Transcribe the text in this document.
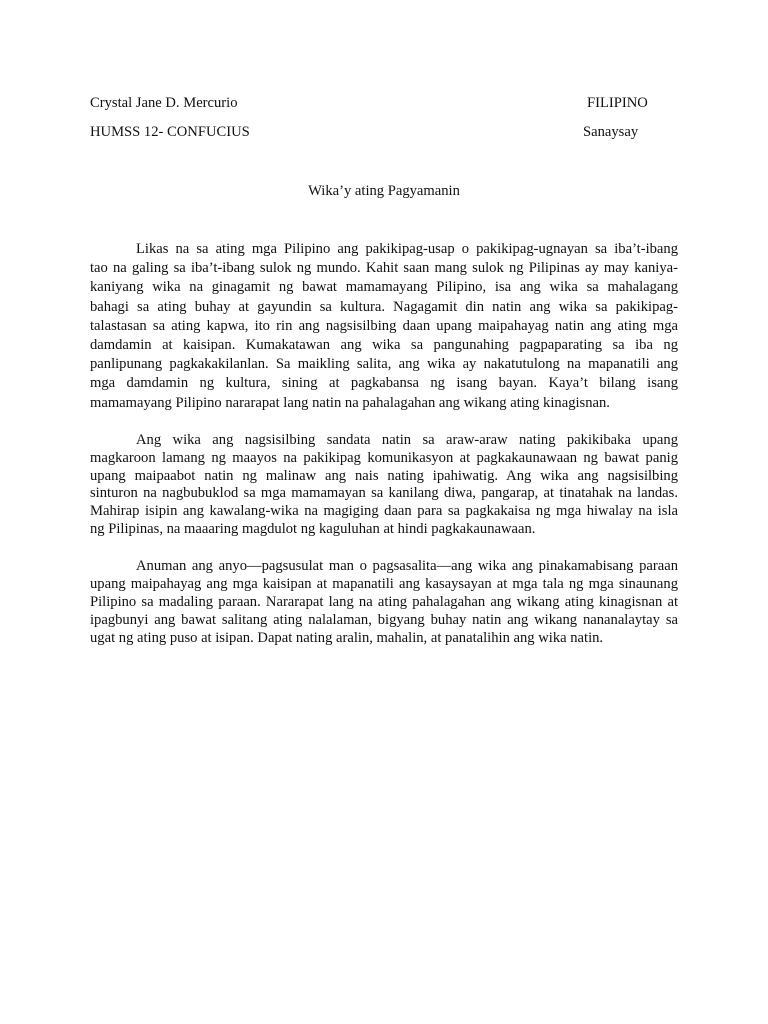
Crystal Jane D. Mercurio	FILIPINO
HUMSS 12- CONFUCIUS	Sanaysay
Wika’y ating Pagyamanin
Likas na sa ating mga Pilipino ang pakikipag-usap o pakikipag-ugnayan sa iba’t-ibang
tao na galing sa iba’t-ibang sulok ng mundo. Kahit saan mang sulok ng Pilipinas ay may kaniya-
kaniyang wika na ginagamit ng bawat mamamayang Pilipino, isa ang wika sa mahalagang
bahagi sa ating buhay at gayundin sa kultura. Nagagamit din natin ang wika sa pakikipag-
talastasan sa ating kapwa, ito rin ang nagsisilbing daan upang maipahayag natin ang ating mga
damdamin at kaisipan. Kumakatawan ang wika sa pangunahing pagpaparating sa iba ng
panlipunang pagkakakilanlan. Sa maikling salita, ang wika ay nakatutulong na mapanatili ang
mga damdamin ng kultura, sining at pagkabansa ng isang bayan. Kaya’t bilang isang
mamamayang Pilipino nararapat lang natin na pahalagahan ang wikang ating kinagisnan.
Ang wika ang nagsisilbing sandata natin sa araw-araw nating pakikibaka upang
magkaroon lamang ng maayos na pakikipag komunikasyon at pagkakaunawaan ng bawat panig
upang maipaabot natin ng malinaw ang nais nating ipahiwatig. Ang wika ang nagsisilbing
sinturon na nagbubuklod sa mga mamamayan sa kanilang diwa, pangarap, at tinatahak na landas.
Mahirap isipin ang kawalang-wika na magiging daan para sa pagkakaisa ng mga hiwalay na isla
ng Pilipinas, na maaaring magdulot ng kaguluhan at hindi pagkakaunawaan.
Anuman ang anyo—pagsusulat man o pagsasalita—ang wika ang pinakamabisang paraan
upang maipahayag ang mga kaisipan at mapanatili ang kasaysayan at mga tala ng mga sinaunang
Pilipino sa madaling paraan. Nararapat lang na ating pahalagahan ang wikang ating kinagisnan at
ipagbunyi ang bawat salitang ating nalalaman, bigyang buhay natin ang wikang nananalaytay sa
ugat ng ating puso at isipan. Dapat nating aralin, mahalin, at panatalihin ang wika natin.
